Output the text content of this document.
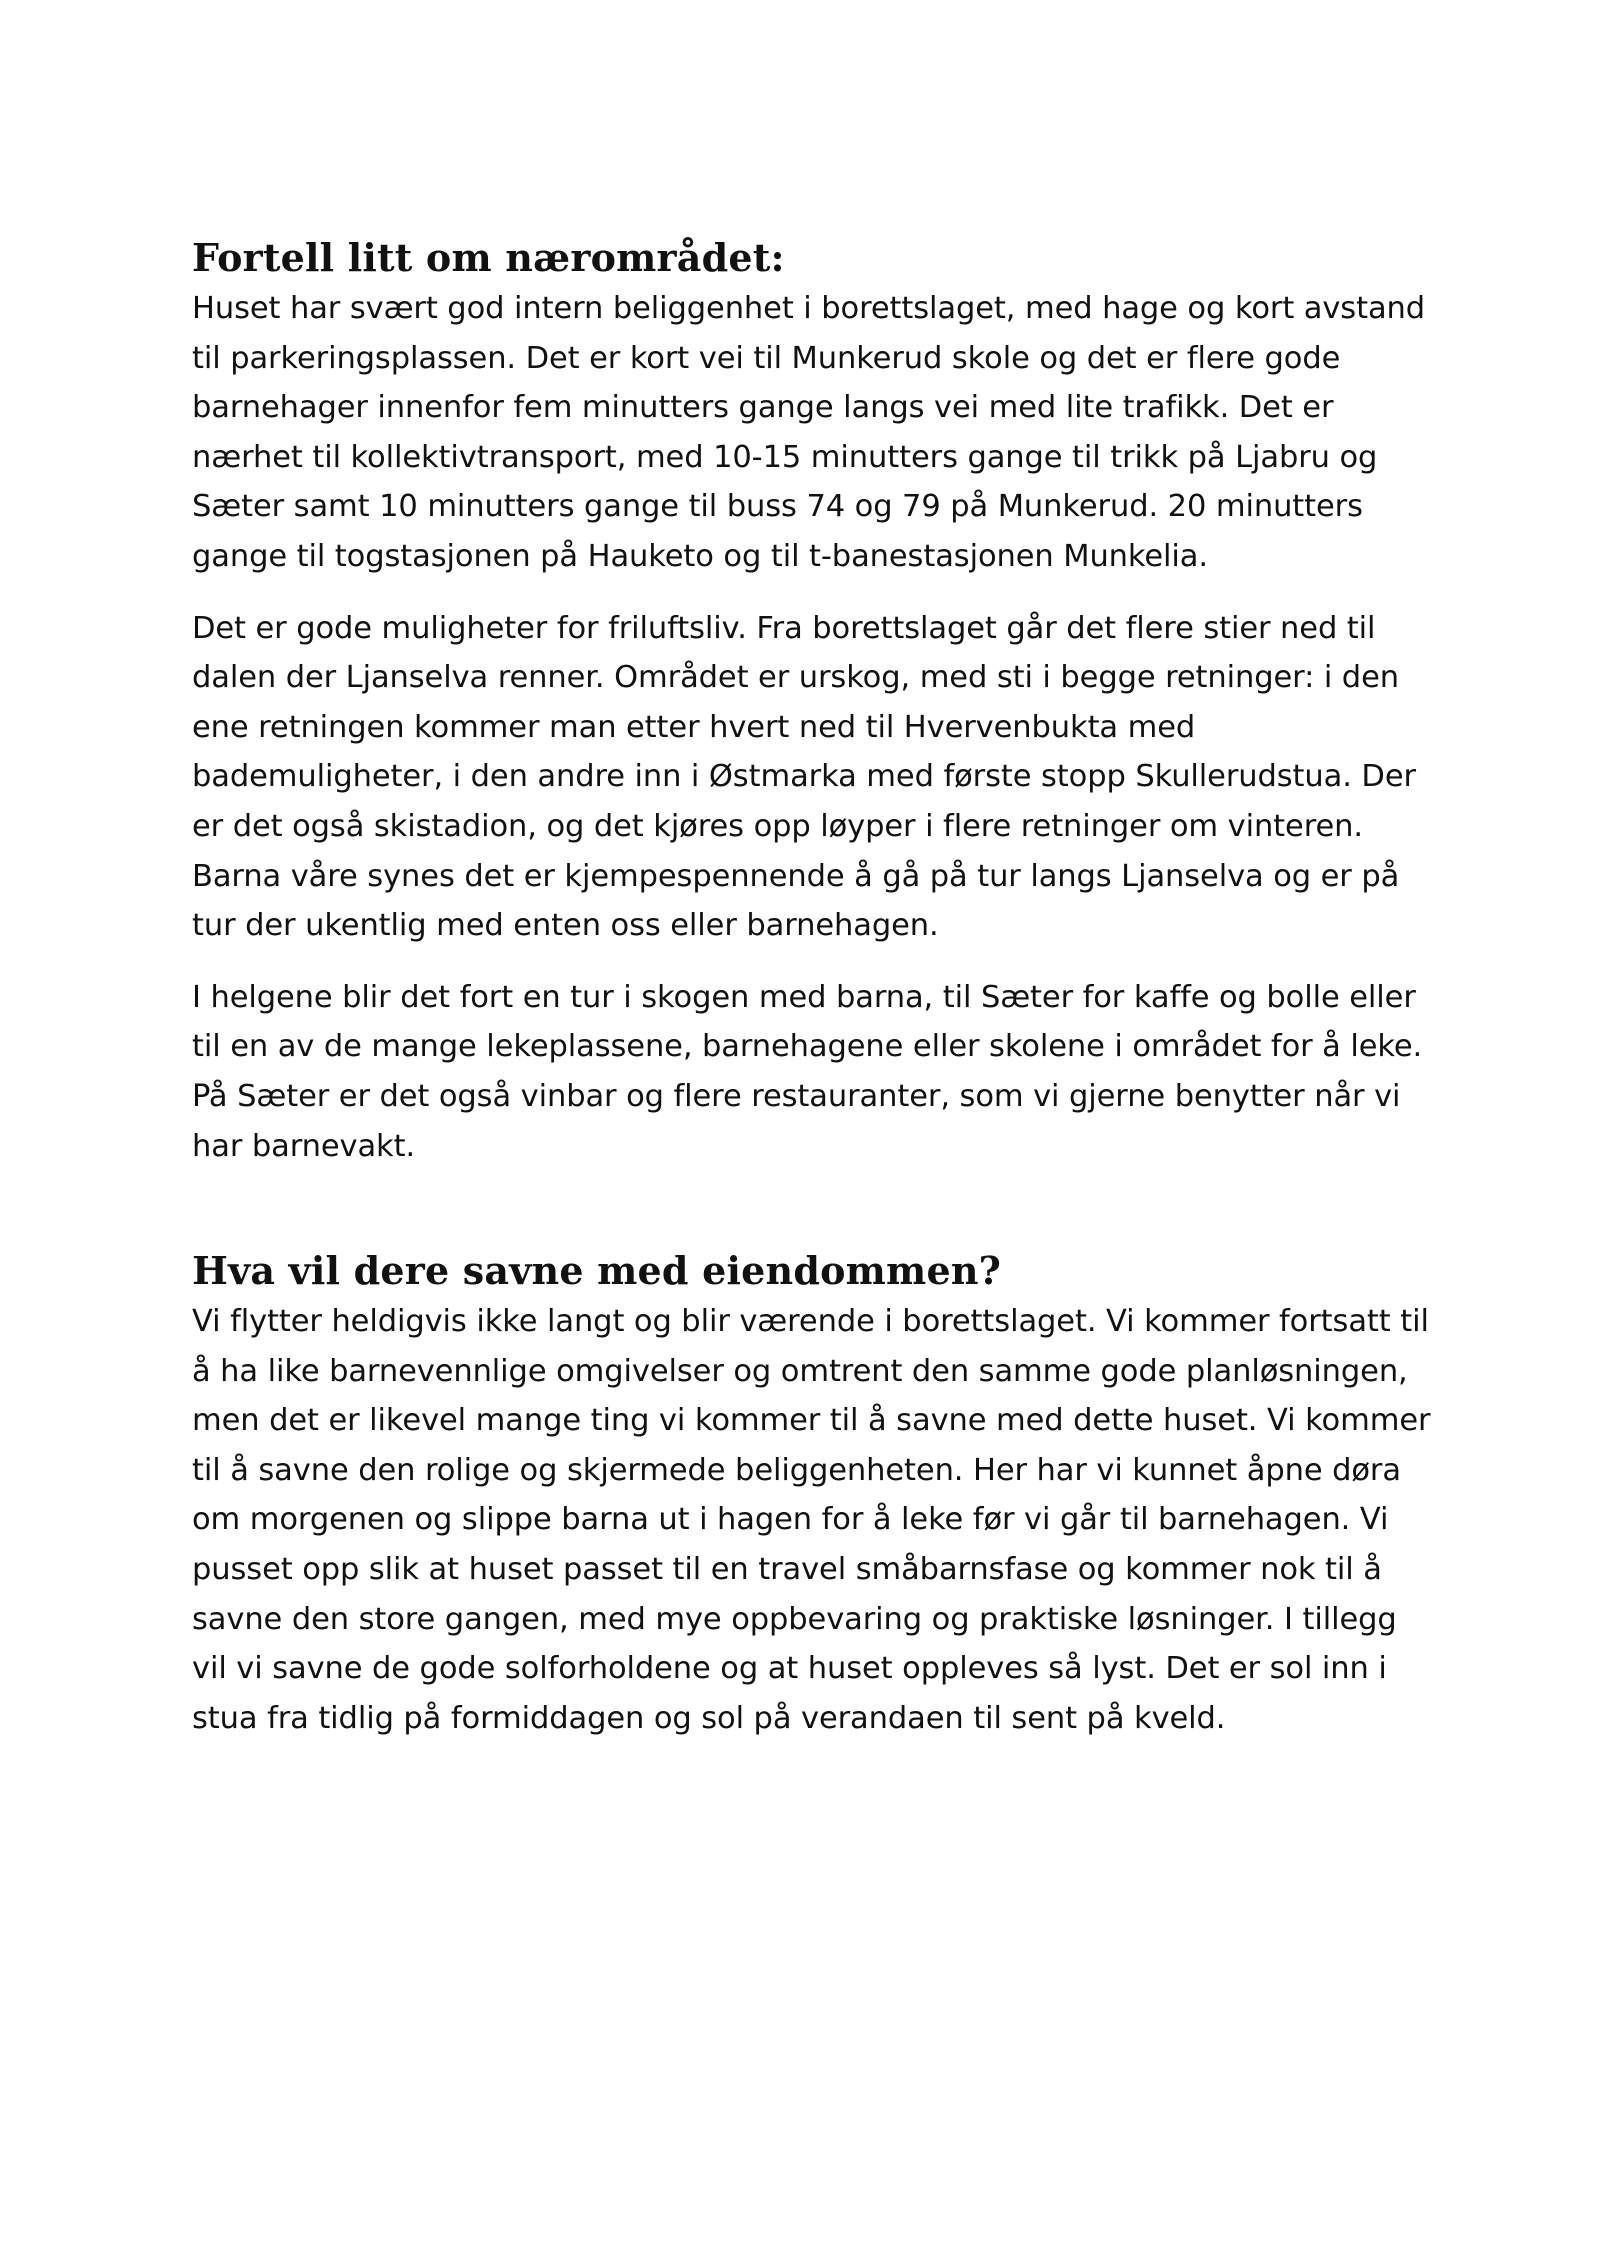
Fortell litt om nærområdet:

Huset har svært god intern beliggenhet i borettslaget, med hage og kort avstand til parkeringsplassen. Det er kort vei til Munkerud skole og det er flere gode barnehager innenfor fem minutters gange langs vei med lite trafikk. Det er nærhet til kollektivtransport, med 10-15 minutters gange til trikk på Ljabru og Sæter samt 10 minutters gange til buss 74 og 79 på Munkerud. 20 minutters gange til togstasjonen på Hauketo og til t-banestasjonen Munkelia.

Det er gode muligheter for friluftsliv. Fra borettslaget går det flere stier ned til dalen der Ljanselva renner. Området er urskog, med sti i begge retninger: i den ene retningen kommer man etter hvert ned til Hvervenbukta med bademuligheter, i den andre inn i Østmarka med første stopp Skullerudstua. Der er det også skistadion, og det kjøres opp løyper i flere retninger om vinteren. Barna våre synes det er kjempespennende å gå på tur langs Ljanselva og er på tur der ukentlig med enten oss eller barnehagen.

I helgene blir det fort en tur i skogen med barna, til Sæter for kaffe og bolle eller til en av de mange lekeplassene, barnehagene eller skolene i området for å leke. På Sæter er det også vinbar og flere restauranter, som vi gjerne benytter når vi har barnevakt.

Hva vil dere savne med eiendommen?

Vi flytter heldigvis ikke langt og blir værende i borettslaget. Vi kommer fortsatt til å ha like barnevennlige omgivelser og omtrent den samme gode planløsningen, men det er likevel mange ting vi kommer til å savne med dette huset. Vi kommer til å savne den rolige og skjermede beliggenheten. Her har vi kunnet åpne døra om morgenen og slippe barna ut i hagen for å leke før vi går til barnehagen. Vi pusset opp slik at huset passet til en travel småbarnsfase og kommer nok til å savne den store gangen, med mye oppbevaring og praktiske løsninger. I tillegg vil vi savne de gode solforholdene og at huset oppleves så lyst. Det er sol inn i stua fra tidlig på formiddagen og sol på verandaen til sent på kveld.
